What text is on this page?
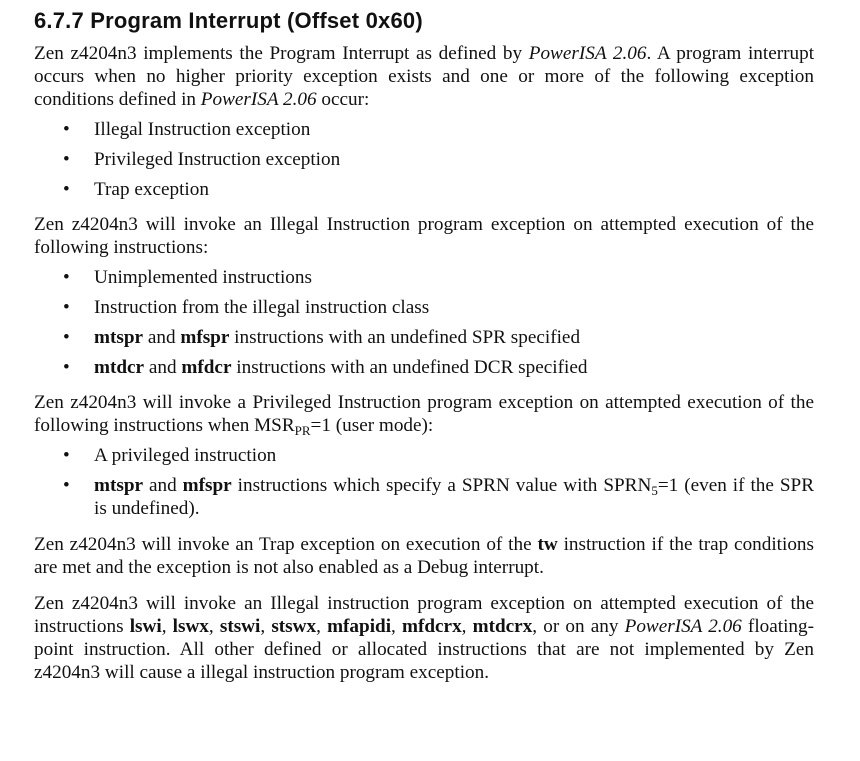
6.7.7 Program Interrupt (Offset 0x60)

Zen z4204n3 implements the Program Interrupt as defined by PowerISA 2.06. A program interrupt occurs when no higher priority exception exists and one or more of the following exception conditions defined in PowerISA 2.06 occur:

• Illegal Instruction exception
• Privileged Instruction exception
• Trap exception

Zen z4204n3 will invoke an Illegal Instruction program exception on attempted execution of the following instructions:

• Unimplemented instructions
• Instruction from the illegal instruction class
• mtspr and mfspr instructions with an undefined SPR specified
• mtdcr and mfdcr instructions with an undefined DCR specified

Zen z4204n3 will invoke a Privileged Instruction program exception on attempted execution of the following instructions when $MSR_{PR}=1$ (user mode):

• A privileged instruction
• mtspr and mfspr instructions which specify a SPRN value with $SPRN_5=1$ (even if the SPR is undefined).

Zen z4204n3 will invoke an Trap exception on execution of the tw instruction if the trap conditions are met and the exception is not also enabled as a Debug interrupt.

Zen z4204n3 will invoke an Illegal instruction program exception on attempted execution of the instructions lswi, lswx, stswi, stswx, mfapidi, mfdcrx, mtdcrx, or on any PowerISA 2.06 floating-point instruction. All other defined or allocated instructions that are not implemented by Zen z4204n3 will cause a illegal instruction program exception.
